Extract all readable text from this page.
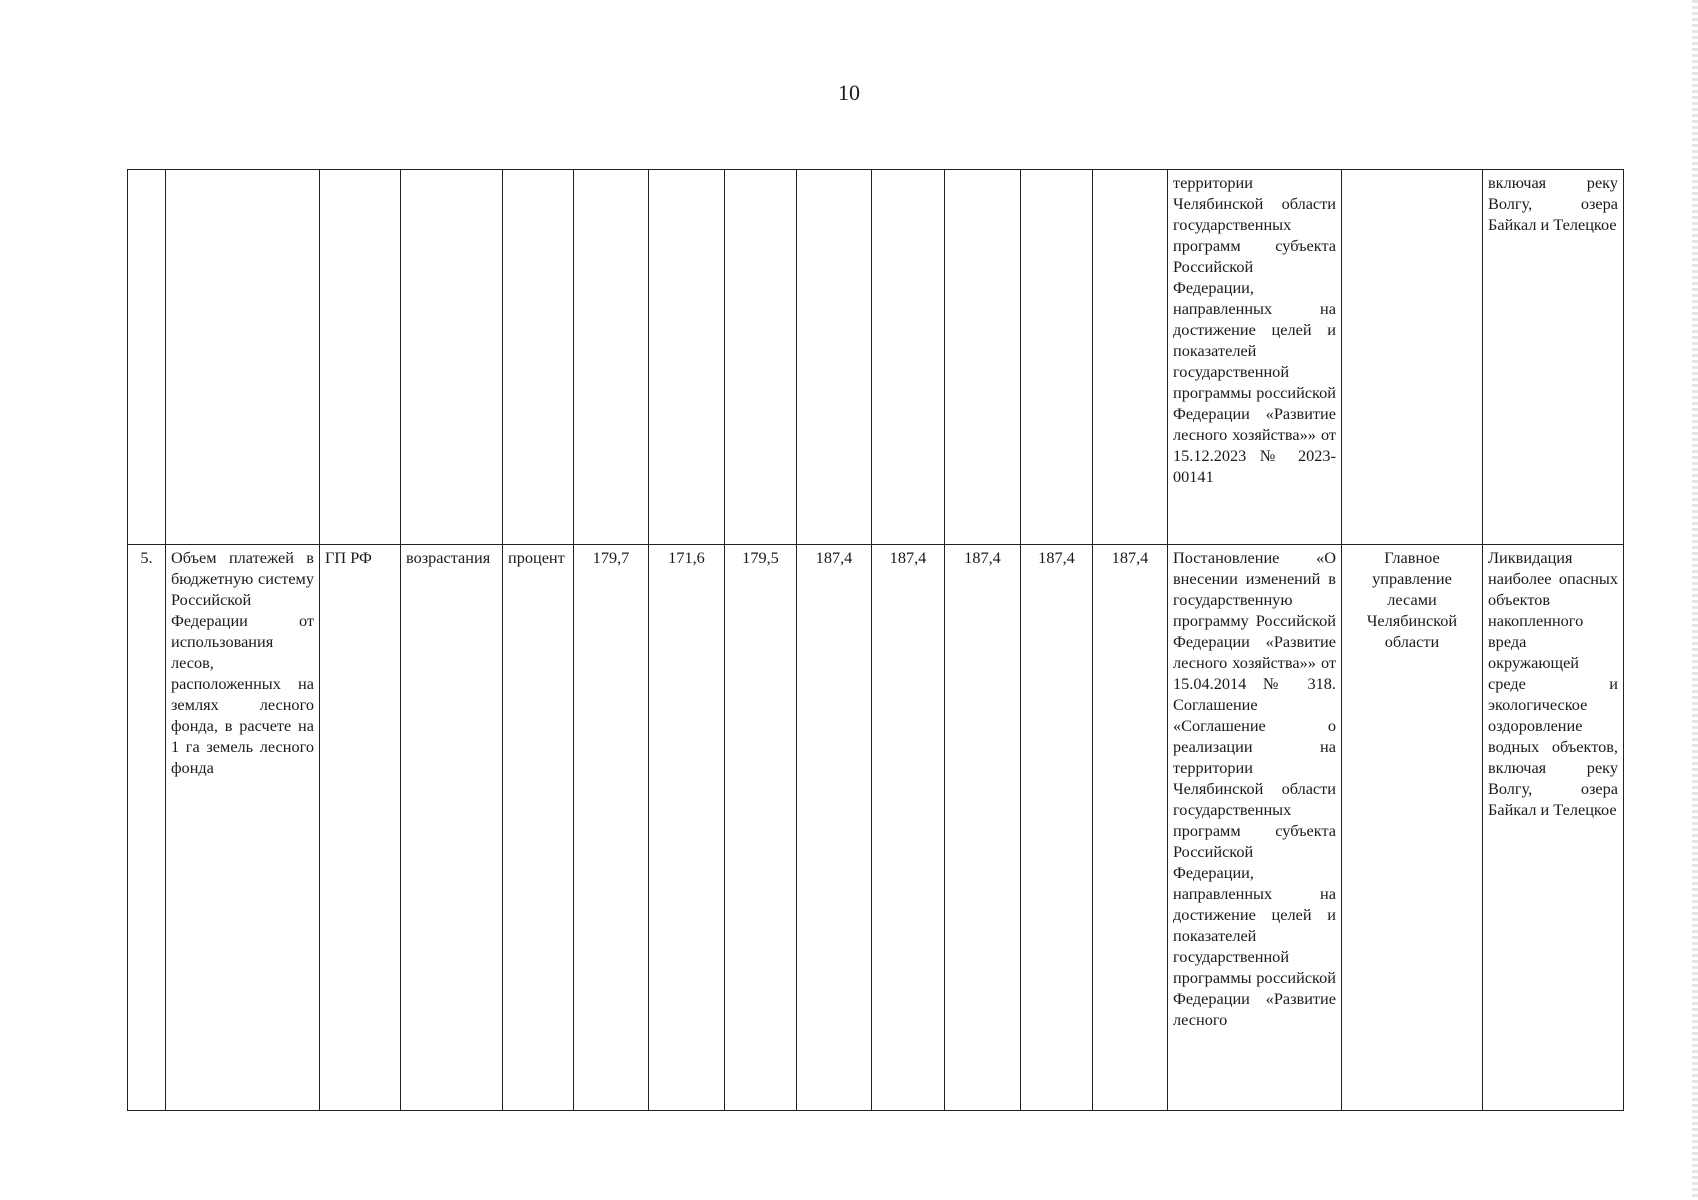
10
													территории Челябинской области государственных программ субъекта Российской Федерации, направленных на достижение целей и показателей государственной программы российской Федерации «Развитие лесного хозяйства»» от 15.12.2023 № 2023-00141		включая реку Волгу, озера Байкал и Телецкое
5.	Объем платежей в бюджетную систему Российской Федерации от использования лесов, расположенных на землях лесного фонда, в расчете на 1 га земель лесного фонда	ГП РФ	возрастания	процент	179,7	171,6	179,5	187,4	187,4	187,4	187,4	187,4	Постановление «О внесении изменений в государственную программу Российской Федерации «Развитие лесного хозяйства»» от 15.04.2014 № 318. Соглашение «Соглашение о реализации на территории Челябинской области государственных программ субъекта Российской Федерации, направленных на достижение целей и показателей государственной программы российской Федерации «Развитие лесного	Главное управление лесами Челябинской области	Ликвидация наиболее опасных объектов накопленного вреда окружающей среде и экологическое оздоровление водных объектов, включая реку Волгу, озера Байкал и Телецкое
